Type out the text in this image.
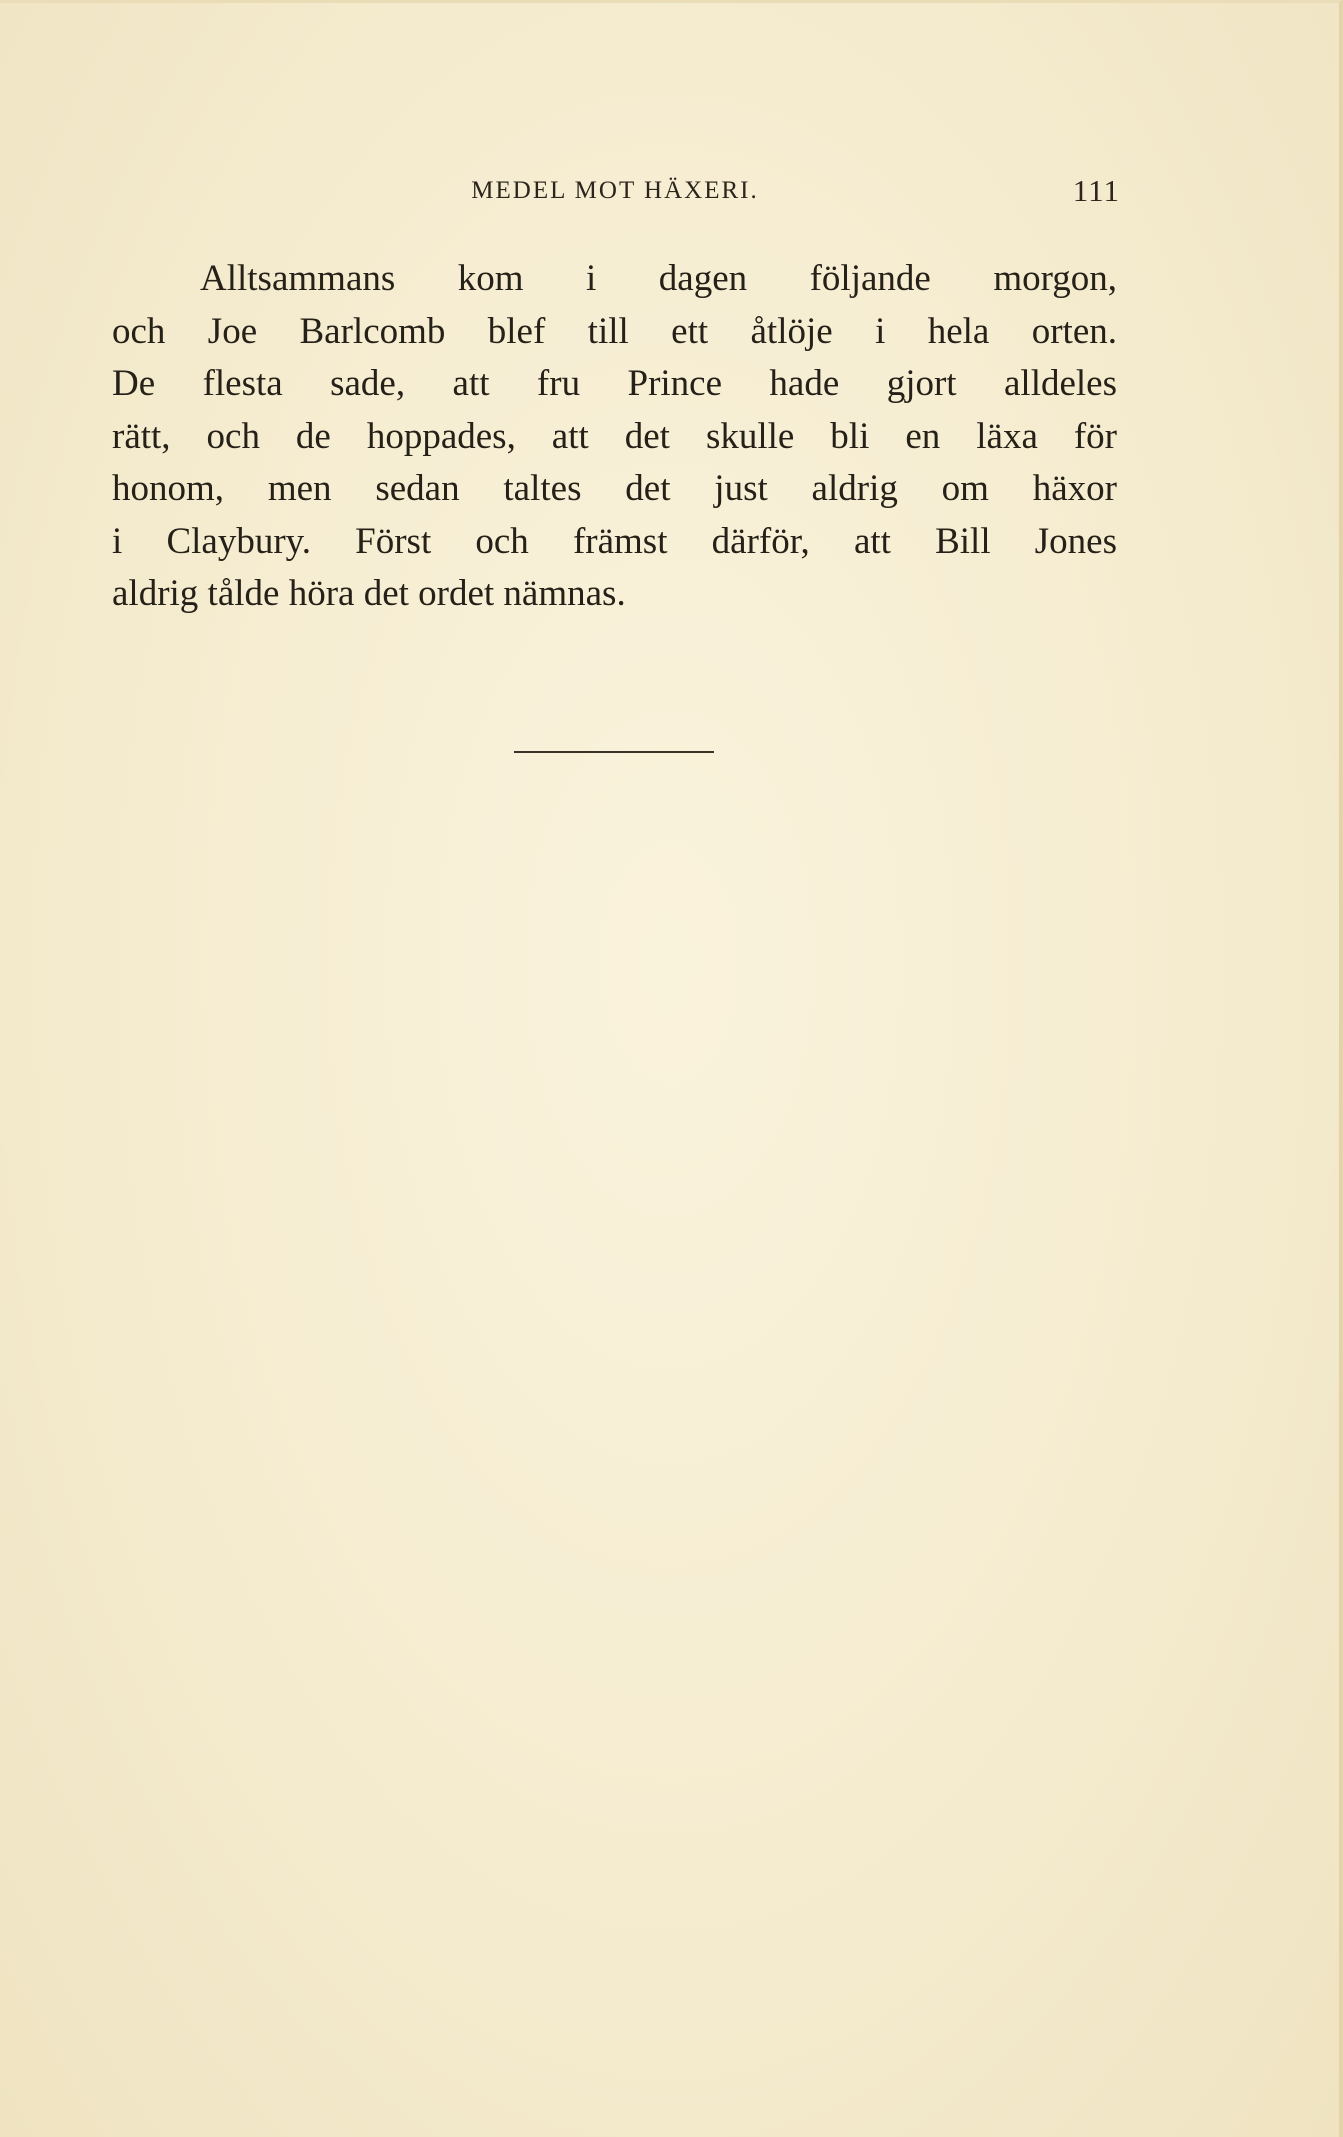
MEDEL MOT HÄXERI.	111
Alltsammans kom i dagen följande morgon,
och Joe Barlcomb blef till ett åtlöje i hela orten.
De flesta sade, att fru Prince hade gjort alldeles
rätt, och de hoppades, att det skulle bli en läxa för
honom, men sedan taltes det just aldrig om häxor
i Claybury. Först och främst därför, att Bill Jones
aldrig tålde höra det ordet nämnas.
